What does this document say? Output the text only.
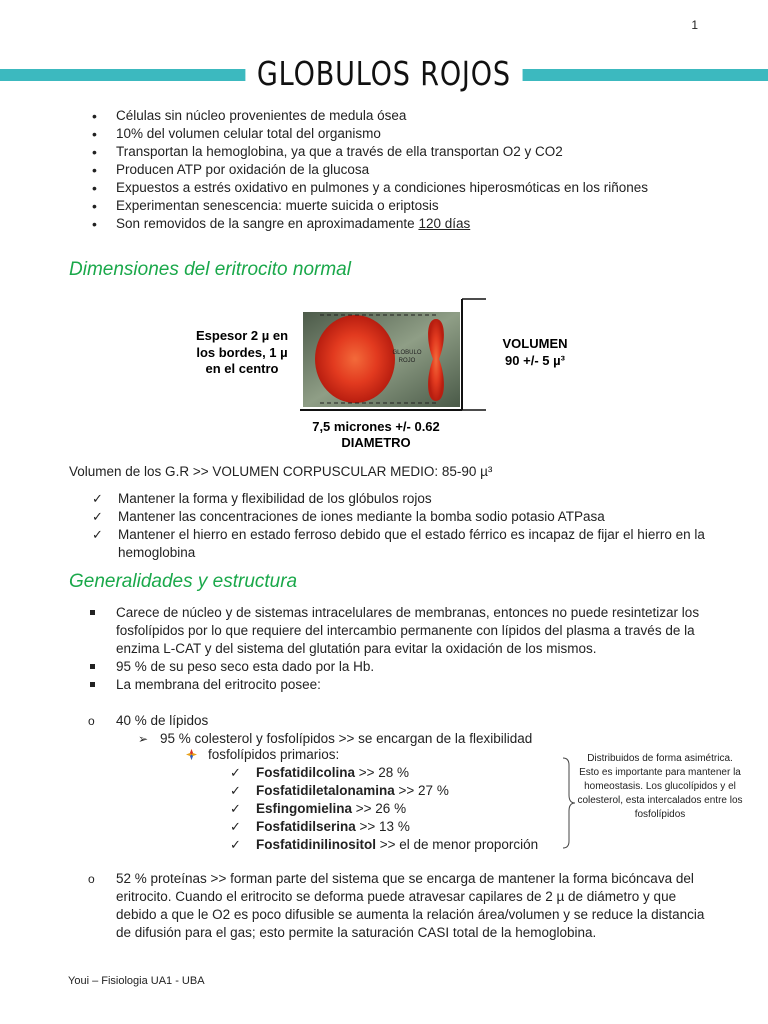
1
GLOBULOS ROJOS
• Células sin núcleo provenientes de medula ósea
• 10% del volumen celular total del organismo
• Transportan la hemoglobina, ya que a través de ella transportan O2 y CO2
• Producen ATP por oxidación de la glucosa
• Expuestos a estrés oxidativo en pulmones y a condiciones hiperosmóticas en los riñones
• Experimentan senescencia: muerte suicida o eriptosis
• Son removidos de la sangre en aproximadamente 120 días
Dimensiones del eritrocito normal
GLOBULO
ROJO
Espesor 2 µ en
los bordes, 1 µ
en el centro
VOLUMEN
90 +/- 5 µ³
7,5 micrones +/- 0.62
DIAMETRO
Volumen de los G.R >> VOLUMEN CORPUSCULAR MEDIO: 85-90 µ³
✓ Mantener la forma y flexibilidad de los glóbulos rojos
✓ Mantener las concentraciones de iones mediante la bomba sodio potasio ATPasa
✓ Mantener el hierro en estado ferroso debido que el estado férrico es incapaz de fijar el hierro en la hemoglobina
Generalidades y estructura
Carece de núcleo y de sistemas intracelulares de membranas, entonces no puede resintetizar los fosfolípidos por lo que requiere del intercambio permanente con lípidos del plasma a través de la enzima L-CAT y del sistema del glutatión para evitar la oxidación de los mismos.
95 % de su peso seco esta dado por la Hb.
La membrana del eritrocito posee:
o 40 % de lípidos
➢ 95 % colesterol y fosfolípidos >> se encargan de la flexibilidad
fosfolípidos primarios:
✓ Fosfatidilcolina >> 28 %
✓ Fosfatidiletalonamina >> 27 %
✓ Esfingomielina >> 26 %
✓ Fosfatidilserina >> 13 %
✓ Fosfatidinilinositol >> el de menor proporción
Distribuidos de forma asimétrica. Esto es importante para mantener la homeostasis. Los glucolípidos y el colesterol, esta intercalados entre los fosfolípidos
o 52 % proteínas >> forman parte del sistema que se encarga de mantener la forma bicóncava del eritrocito. Cuando el eritrocito se deforma puede atravesar capilares de 2 µ de diámetro y que debido a que le O2 es poco difusible se aumenta la relación área/volumen y se reduce la distancia de difusión para el gas; esto permite la saturación CASI total de la hemoglobina.
Youi – Fisiologia UA1 - UBA
